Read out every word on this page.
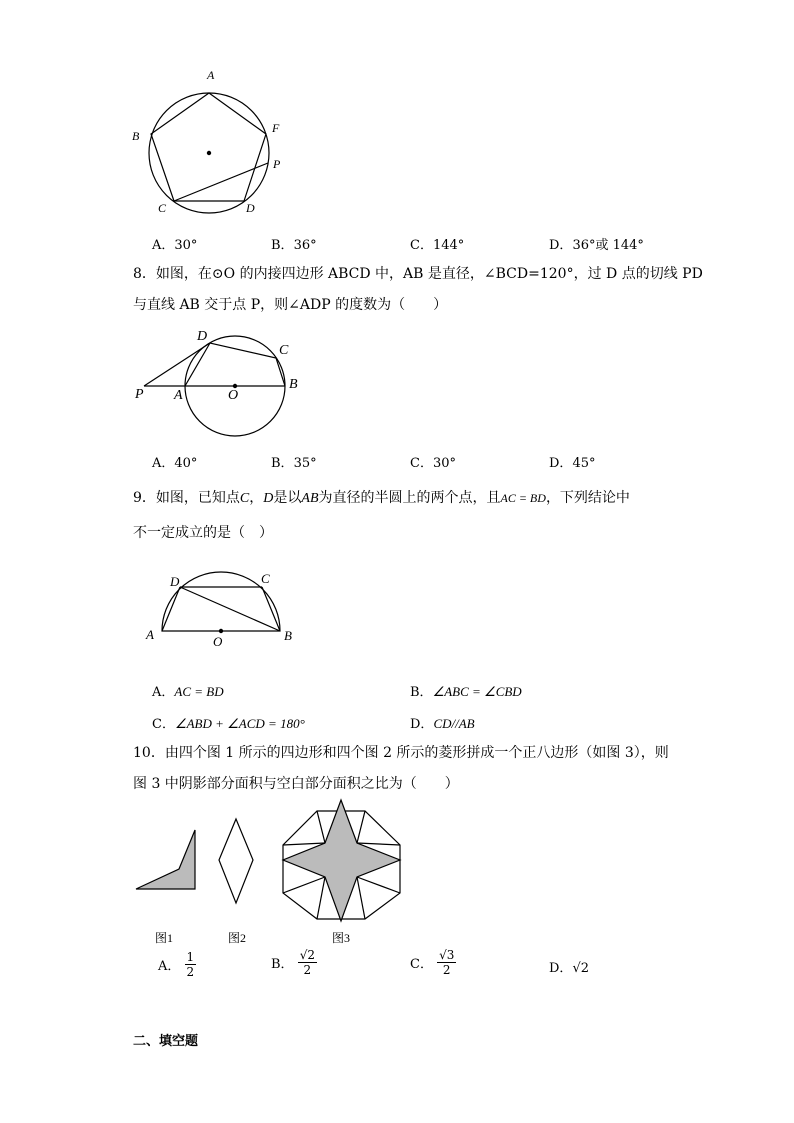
A
B
F
P
C	D
A．30°	B．36°	C．144°	D．36°或 144°
8．如图，在⊙O 的内接四边形 ABCD 中，AB 是直径，∠BCD=120°，过 D 点的切线 PD
与直线 AB 交于点 P，则∠ADP 的度数为（　　）
P A	O
B
C
D
A．40°	B．35°	C．30°	D．45°
9．如图，已知点C，D是以AB为直径的半圆上的两个点，且AC = BD，下列结论中
不一定成立的是（　）
A	O	B
D	C
A．AC = BD	B．∠ABC = ∠CBD
C．∠ABD + ∠ACD = 180°	D．CD//AB
10．由四个图 1 所示的四边形和四个图 2 所示的菱形拼成一个正八边形（如图 3），则
图 3 中阴影部分面积与空白部分面积之比为（　　）
图1	图2	图3
A． $\frac{1}{2}$	B． $\frac{√2}{2}$	C． $\frac{√3}{2}$	D．√2
二、填空题
